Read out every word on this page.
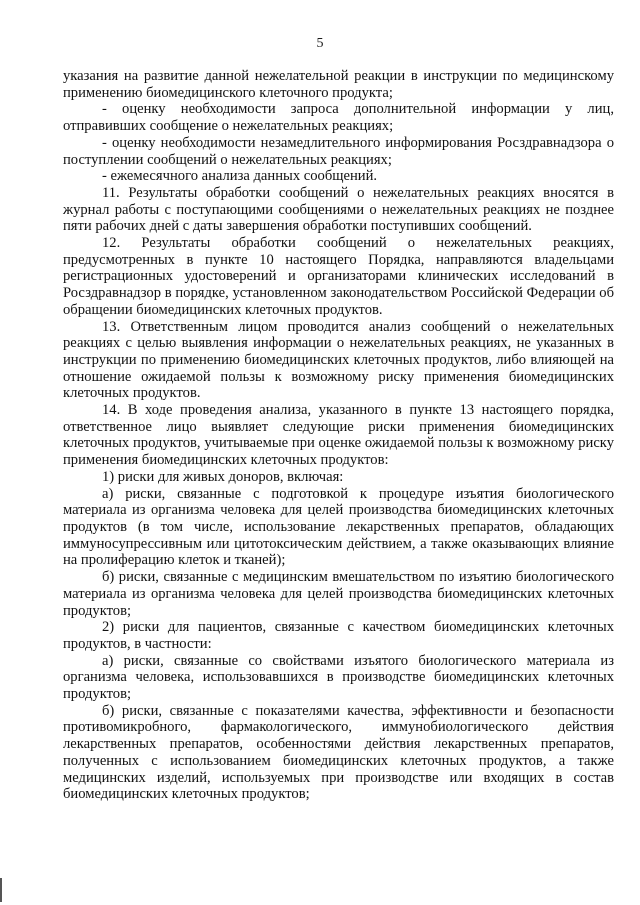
5

указания на развитие данной нежелательной реакции в инструкции по медицинскому применению биомедицинского клеточного продукта;

- оценку необходимости запроса дополнительной информации у лиц, отправивших сообщение о нежелательных реакциях;

- оценку необходимости незамедлительного информирования Росздравнадзора о поступлении сообщений о нежелательных реакциях;

- ежемесячного анализа данных сообщений.

11. Результаты обработки сообщений о нежелательных реакциях вносятся в журнал работы с поступающими сообщениями о нежелательных реакциях не позднее пяти рабочих дней с даты завершения обработки поступивших сообщений.

12. Результаты обработки сообщений о нежелательных реакциях, предусмотренных в пункте 10 настоящего Порядка, направляются владельцами регистрационных удостоверений и организаторами клинических исследований в Росздравнадзор в порядке, установленном законодательством Российской Федерации об обращении биомедицинских клеточных продуктов.

13. Ответственным лицом проводится анализ сообщений о нежелательных реакциях с целью выявления информации о нежелательных реакциях, не указанных в инструкции по применению биомедицинских клеточных продуктов, либо влияющей на отношение ожидаемой пользы к возможному риску применения биомедицинских клеточных продуктов.

14. В ходе проведения анализа, указанного в пункте 13 настоящего порядка, ответственное лицо выявляет следующие риски применения биомедицинских клеточных продуктов, учитываемые при оценке ожидаемой пользы к возможному риску применения биомедицинских клеточных продуктов:

1) риски для живых доноров, включая:

а) риски, связанные с подготовкой к процедуре изъятия биологического материала из организма человека для целей производства биомедицинских клеточных продуктов (в том числе, использование лекарственных препаратов, обладающих иммуносупрессивным или цитотоксическим действием, а также оказывающих влияние на пролиферацию клеток и тканей);

б) риски, связанные с медицинским вмешательством по изъятию биологического материала из организма человека для целей производства биомедицинских клеточных продуктов;

2) риски для пациентов, связанные с качеством биомедицинских клеточных продуктов, в частности:

а) риски, связанные со свойствами изъятого биологического материала из организма человека, использовавшихся в производстве биомедицинских клеточных продуктов;

б) риски, связанные с показателями качества, эффективности и безопасности противомикробного, фармакологического, иммунобиологического действия лекарственных препаратов, особенностями действия лекарственных препаратов, полученных с использованием биомедицинских клеточных продуктов, а также медицинских изделий, используемых при производстве или входящих в состав биомедицинских клеточных продуктов;
